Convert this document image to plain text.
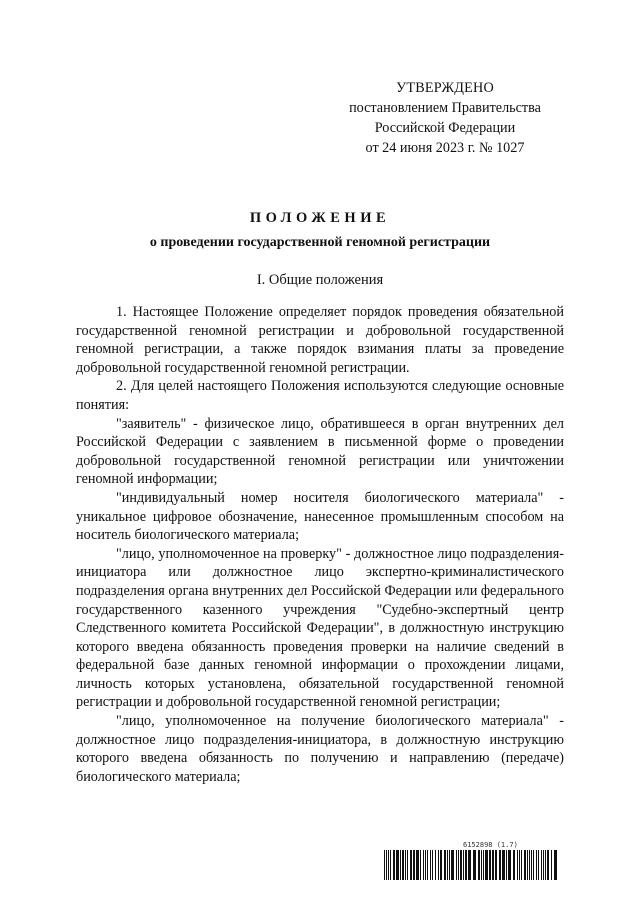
УТВЕРЖДЕНО
постановлением Правительства
Российской Федерации
от 24 июня 2023 г. № 1027
ПОЛОЖЕНИЕ
о проведении государственной геномной регистрации
I. Общие положения

1. Настоящее Положение определяет порядок проведения обязательной государственной геномной регистрации и добровольной государственной геномной регистрации, а также порядок взимания платы за проведение добровольной государственной геномной регистрации.

2. Для целей настоящего Положения используются следующие основные понятия:

"заявитель" - физическое лицо, обратившееся в орган внутренних дел Российской Федерации с заявлением в письменной форме о проведении добровольной государственной геномной регистрации или уничтожении геномной информации;

"индивидуальный номер носителя биологического материала" - уникальное цифровое обозначение, нанесенное промышленным способом на носитель биологического материала;

"лицо, уполномоченное на проверку" - должностное лицо подразделения-инициатора или должностное лицо экспертно-криминалистического подразделения органа внутренних дел Российской Федерации или федерального государственного казенного учреждения "Судебно-экспертный центр Следственного комитета Российской Федерации", в должностную инструкцию которого введена обязанность проведения проверки на наличие сведений в федеральной базе данных геномной информации о прохождении лицами, личность которых установлена, обязательной государственной геномной регистрации и добровольной государственной геномной регистрации;

"лицо, уполномоченное на получение биологического материала" - должностное лицо подразделения-инициатора, в должностную инструкцию которого введена обязанность по получению и направлению (передаче) биологического материала;

6152898 (1.7)
